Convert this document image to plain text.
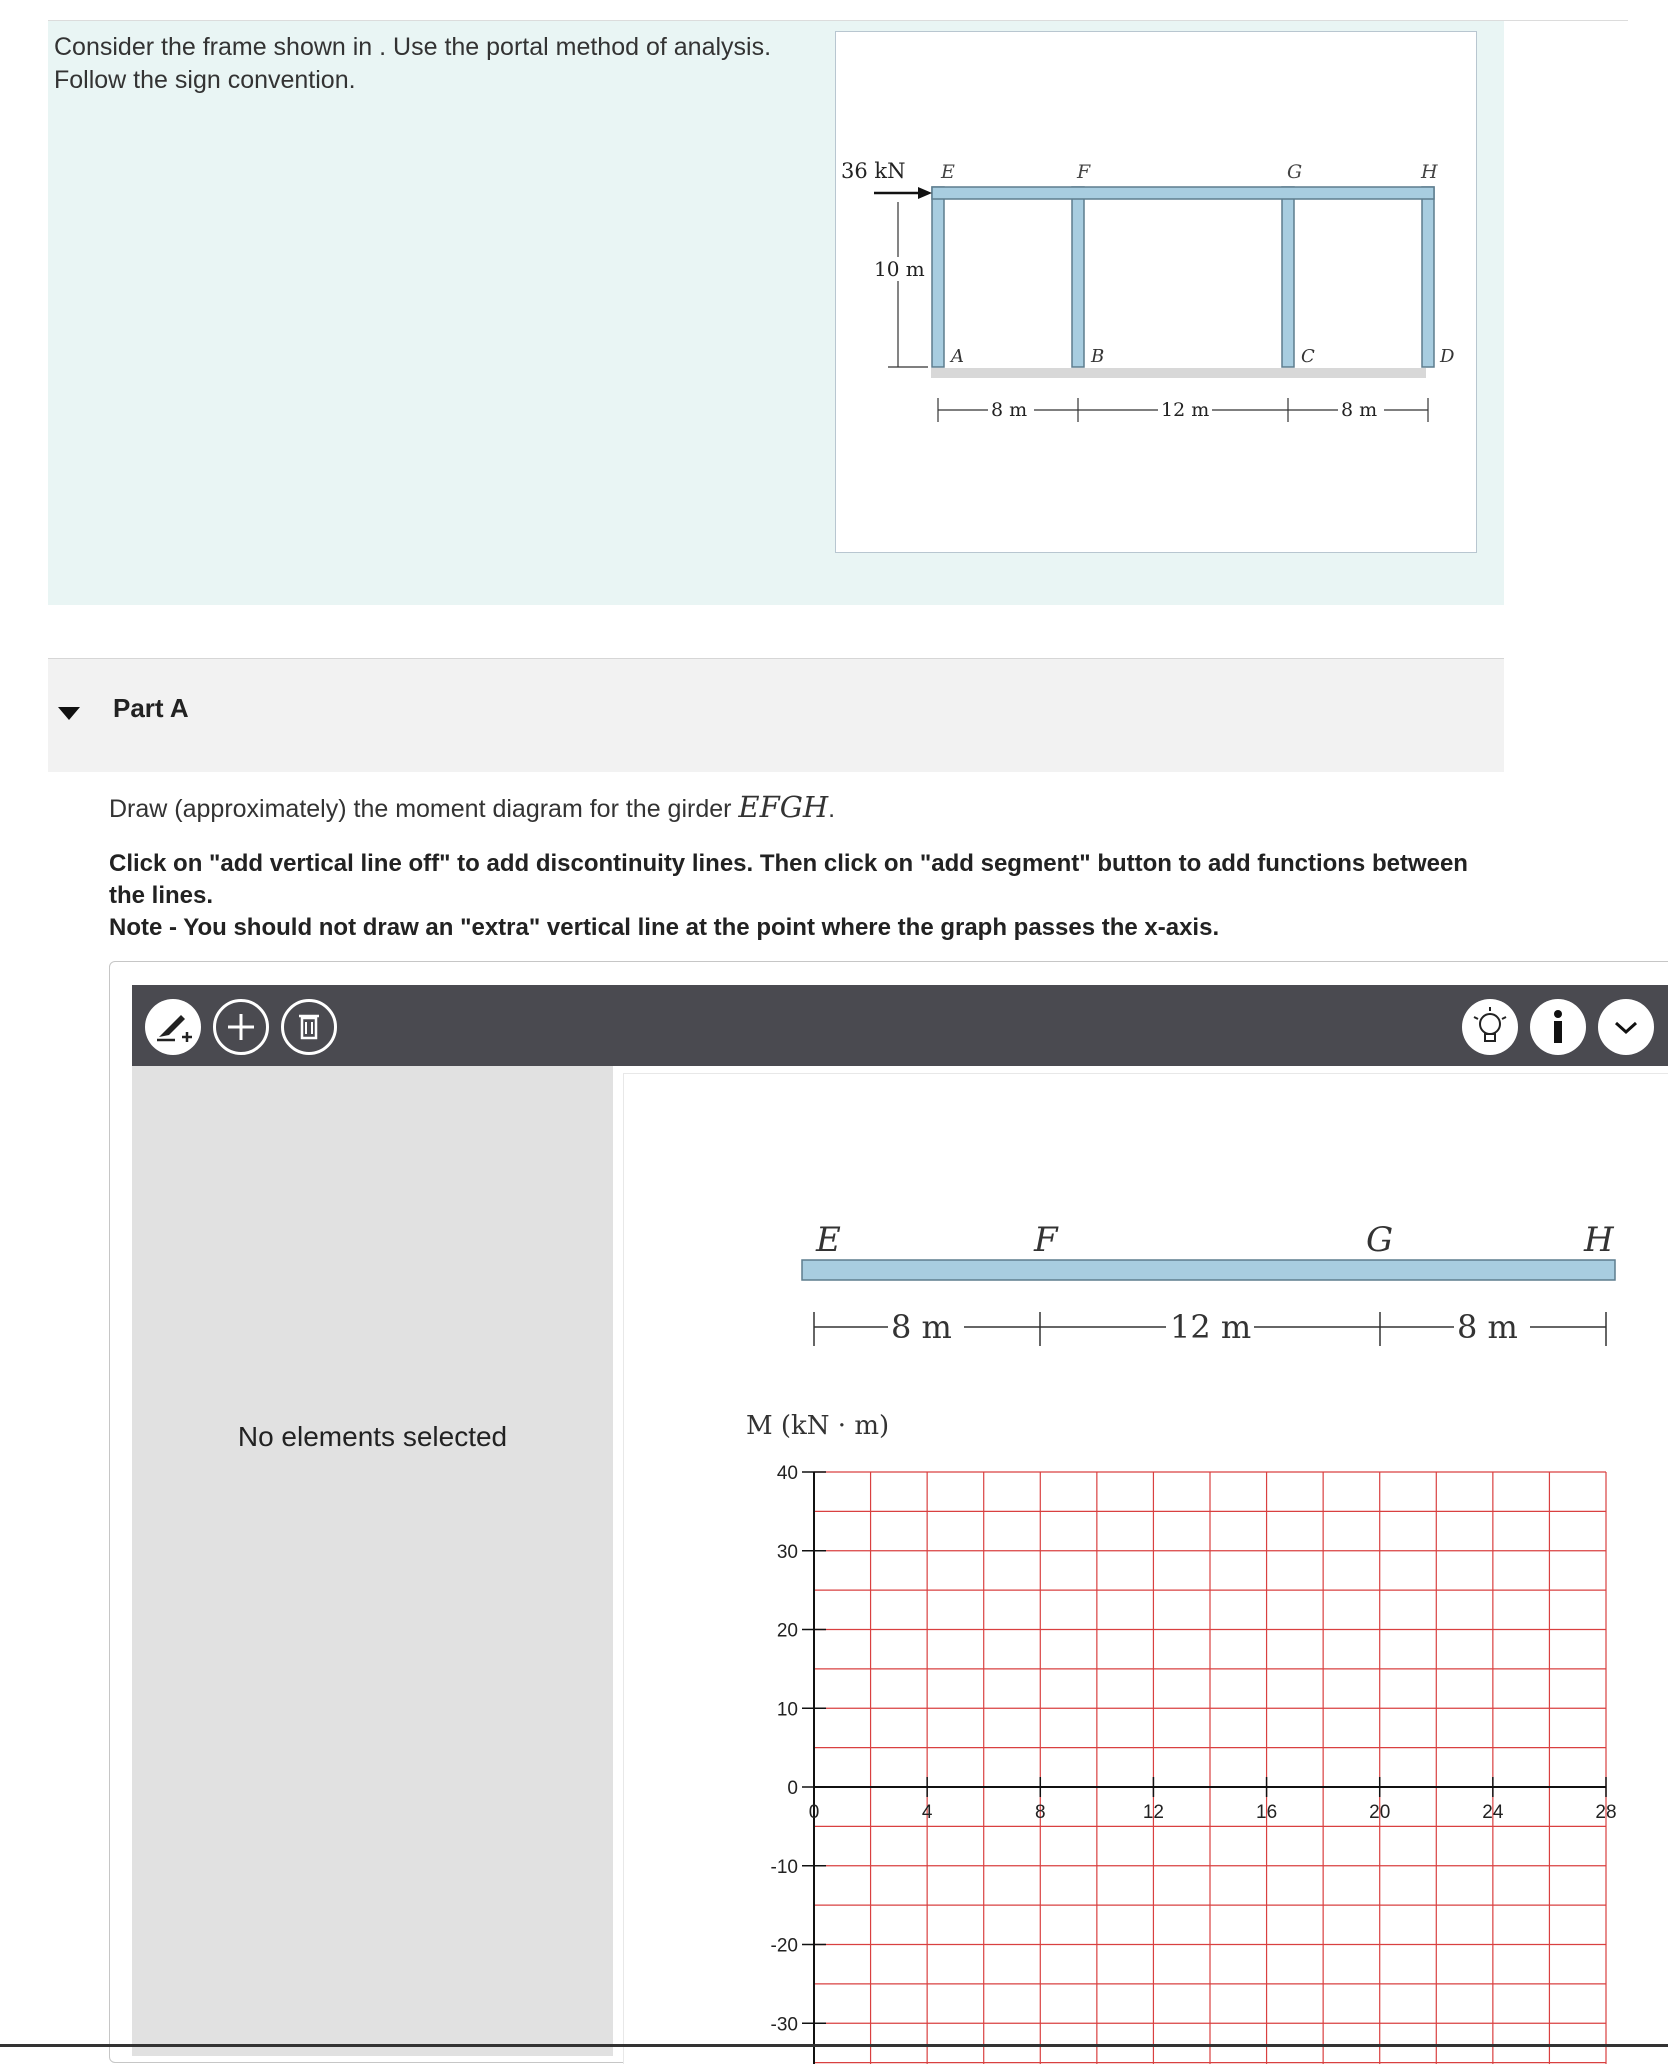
Consider the frame shown in . Use the portal method of analysis.
Follow the sign convention.
36 kN
10 m
E	F	G	H
A	B	C	D
8 m	12 m	8 m
Part A
Draw (approximately) the moment diagram for the girder EFGH.
Click on "add vertical line off" to add discontinuity lines. Then click on "add segment" button to add functions between the lines.
Note - You should not draw an "extra" vertical line at the point where the graph passes the x-axis.
No elements selected
E	F	G	H
8 m	12 m	8 m
M (kN · m)
40
30
20
10
0
-10
-20
-30
0	4	8	12	16	20	24	28
